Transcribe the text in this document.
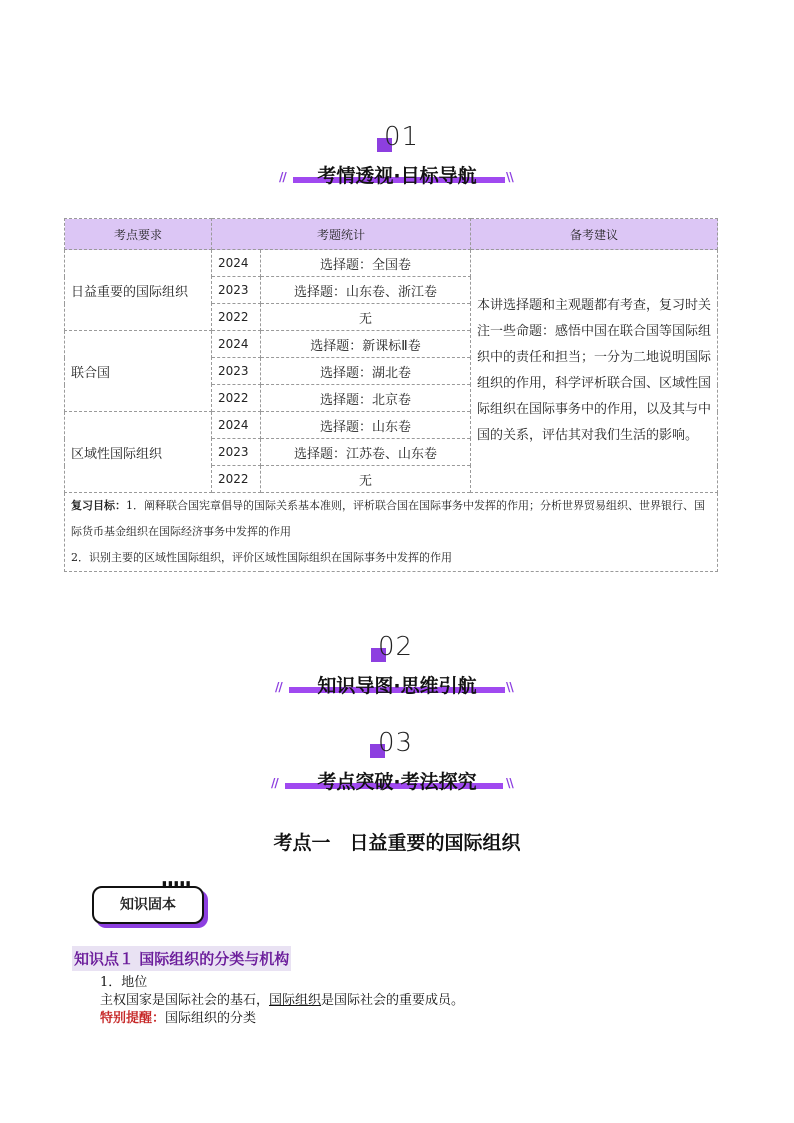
01
考情透视·目标导航
//	\\
考点要求	考题统计		备考建议
日益重要的国际组织	2024	选择题：全国卷	本讲选择题和主观题都有考查，复习时关注一些命题：感悟中国在联合国等国际组织中的责任和担当；一分为二地说明国际组织的作用，科学评析联合国、区域性国际组织在国际事务中的作用，以及其与中国的关系，评估其对我们生活的影响。
	2023	选择题：山东卷、浙江卷	
	2022	无	
联合国	2024	选择题：新课标Ⅱ卷	
	2023	选择题：湖北卷	
	2022	选择题：北京卷	
区域性国际组织	2024	选择题：山东卷	
	2023	选择题：江苏卷、山东卷	
	2022	无	

复习目标：1．阐释联合国宪章倡导的国际关系基本准则，评析联合国在国际事务中发挥的作用；分析世界贸易组织、世界银行、国际货币基金组织在国际经济事务中发挥的作用
2．识别主要的区域性国际组织，评价区域性国际组织在国际事务中发挥的作用			
02
知识导图·思维引航
//	\\
03
考点突破·考法探究
//	\\
考点一　日益重要的国际组织
▮▮▮▮▮
知识固本
知识点１ 国际组织的分类与机构
1．地位
主权国家是国际社会的基石，国际组织是国际社会的重要成员。
特别提醒：国际组织的分类
